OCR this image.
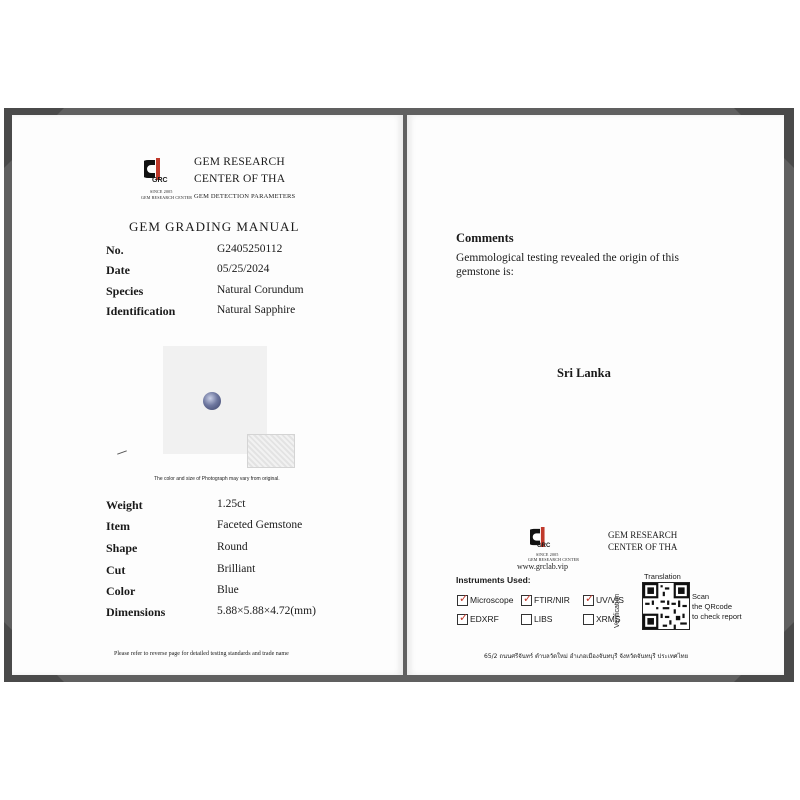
GRC
SINCE 2005
GEM RESEARCH CENTER
GEM RESEARCH
CENTER OF THA
GEM DETECTION PARAMETERS
GEM GRADING MANUAL
No.	G2405250112
Date	05/25/2024
Species	Natural Corundum
Identification	Natural Sapphire
The color and size of Photograph may vary from original.
Weight	1.25ct
Item	Faceted Gemstone
Shape	Round
Cut	Brilliant
Color	Blue
Dimensions	5.88×5.88×4.72(mm)
Please refer to reverse page for detailed testing standards and trade name
Comments
Gemmological testing revealed the origin of this
gemstone is:
Sri Lanka
GRC
SINCE 2005
GEM RESEARCH CENTER
www.grclab.vip
GEM RESEARCH
CENTER OF THA
Instruments Used:
✓ Microscope ✓ FTIR/NIR ✓ UV/VIS
✓ EDXRF	LIBS	XRMS
Translation
Verification	Scan
the QRcode
to check report
65/2 ถนนศรีจันทร์ ตำบลวัดใหม่ อำเภอเมืองจันทบุรี จังหวัดจันทบุรี ประเทศไทย
